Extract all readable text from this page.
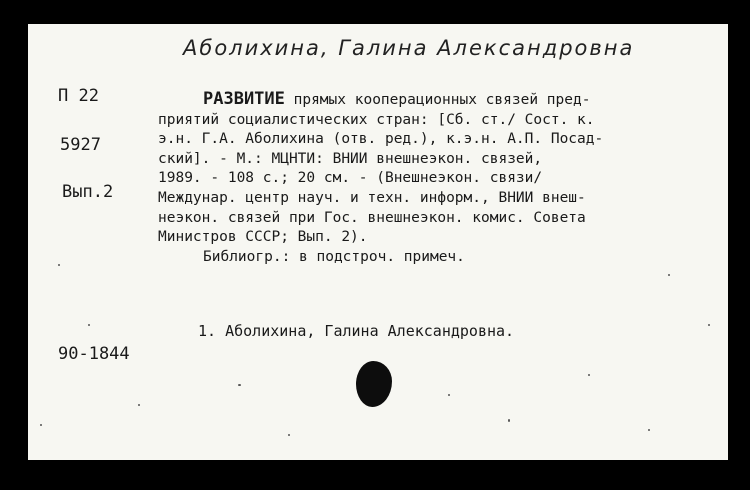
Аболихина, Галина Александровна
П 22
5927
Вып.2
90-1844
РАЗВИТИЕ прямых кооперационных связей пред-
приятий социалистических стран: [Сб. ст./ Сост. к.
э.н. Г.А. Аболихина (отв. ред.), к.э.н. А.П. Посад-
ский]. - М.: МЦНТИ: ВНИИ внешнеэкон. связей,
1989. - 108 с.; 20 см. - (Внешнеэкон. связи/
Междунар. центр науч. и техн. информ., ВНИИ внеш-
неэкон. связей при Гос. внешнеэкон. комис. Совета
Министров СССР; Вып. 2).
Библиогр.: в подстроч. примеч.
1. Аболихина, Галина Александровна.
